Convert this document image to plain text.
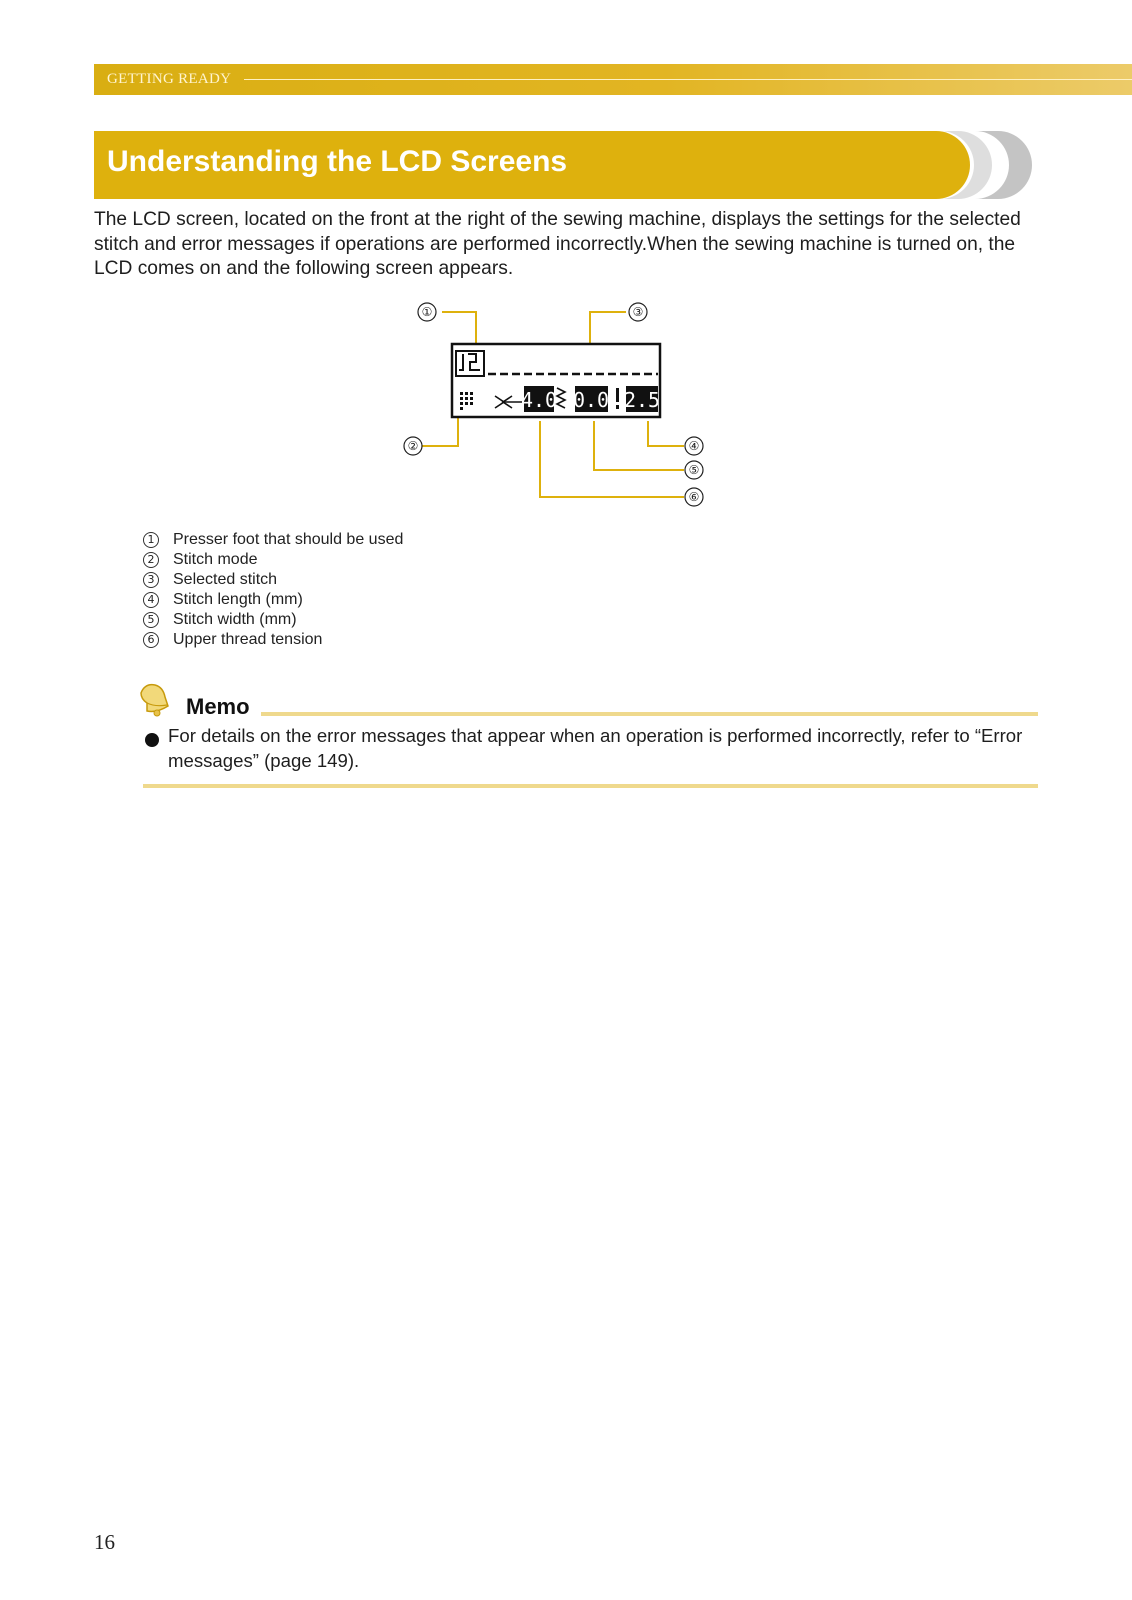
GETTING READY
Understanding the LCD Screens
The LCD screen, located on the front at the right of the sewing machine, displays the settings for the selected stitch and error messages if operations are performed incorrectly.When the sewing machine is turned on, the LCD comes on and the following screen appears.
①	③
②	④
⑤
⑥
4.0 0.0 2.5
1 Presser foot that should be used
2 Stitch mode
3 Selected stitch
4 Stitch length (mm)
5 Stitch width (mm)
6 Upper thread tension
Memo
For details on the error messages that appear when an operation is performed incorrectly, refer to “Error messages” (page 149).
16
